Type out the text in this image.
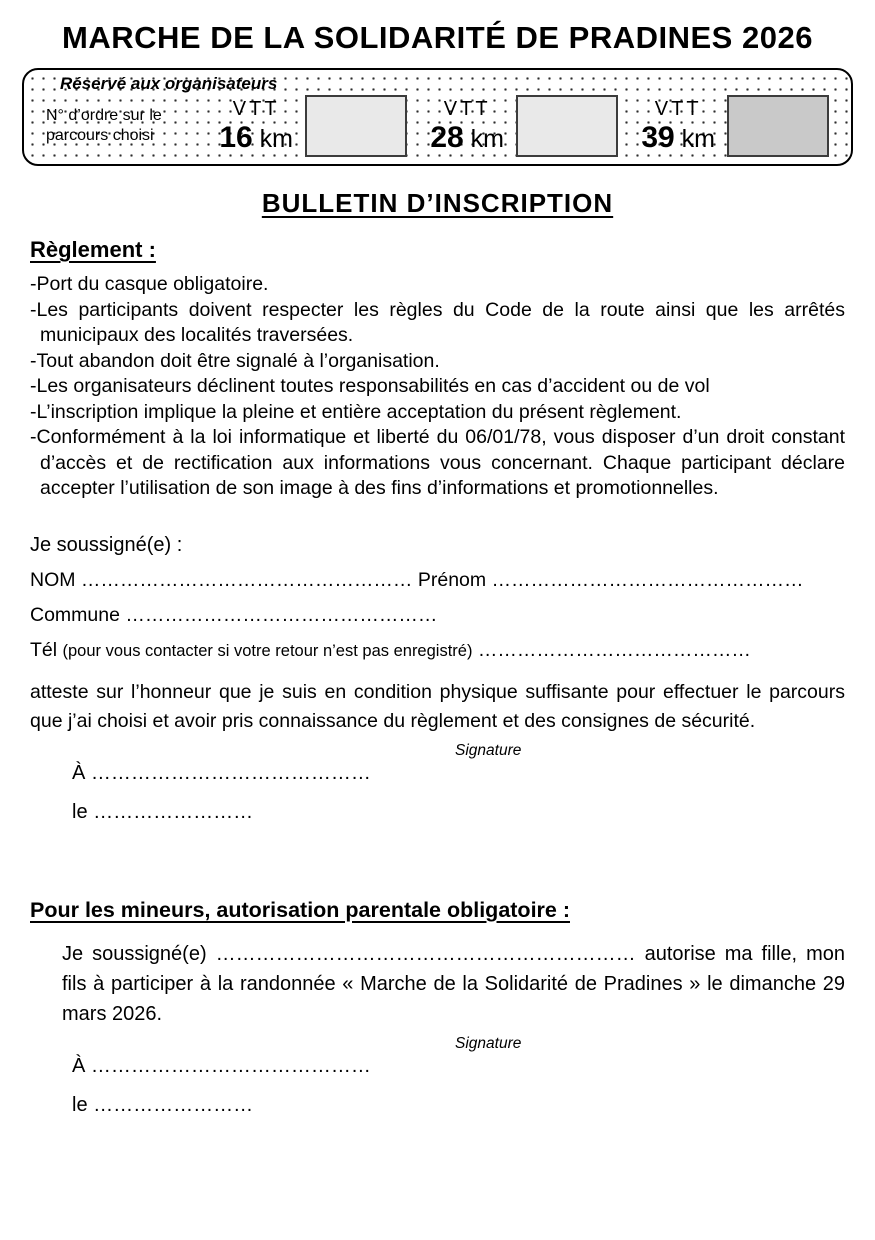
MARCHE DE LA SOLIDARITÉ DE PRADINES 2026
Réservé aux organisateurs
N° d’ordre sur le parcours choisi
VTT
16 km
VTT
28 km
VTT
39 km
BULLETIN D’INSCRIPTION
Règlement :
-Port du casque obligatoire.
-Les participants doivent respecter les règles du Code de la route ainsi que les arrêtés municipaux des localités traversées.
-Tout abandon doit être signalé à l’organisation.
-Les organisateurs déclinent toutes responsabilités en cas d’accident ou de vol
-L’inscription implique la pleine et entière acceptation du présent règlement.
-Conformément à la loi informatique et liberté du 06/01/78, vous disposer d’un droit constant d’accès et de rectification aux informations vous concernant. Chaque participant déclare accepter l’utilisation de son image à des fins d’informations et promotionnelles.
Je soussigné(e) :
NOM …………………………………………… Prénom …………………………………………
Commune …………………………………………
Tél (pour vous contacter si votre retour n’est pas enregistré) ……………………………………
atteste sur l’honneur que je suis en condition physique suffisante pour effectuer le parcours que j’ai choisi et avoir pris connaissance du règlement et des consignes de sécurité.
Signature
À ……………………………………
le ……………………
Pour les mineurs, autorisation parentale obligatoire :
Je soussigné(e) ……………………………………………………… autorise ma fille, mon fils à participer à la randonnée « Marche de la Solidarité de Pradines » le dimanche 29 mars 2026.
Signature
À ……………………………………
le ……………………
